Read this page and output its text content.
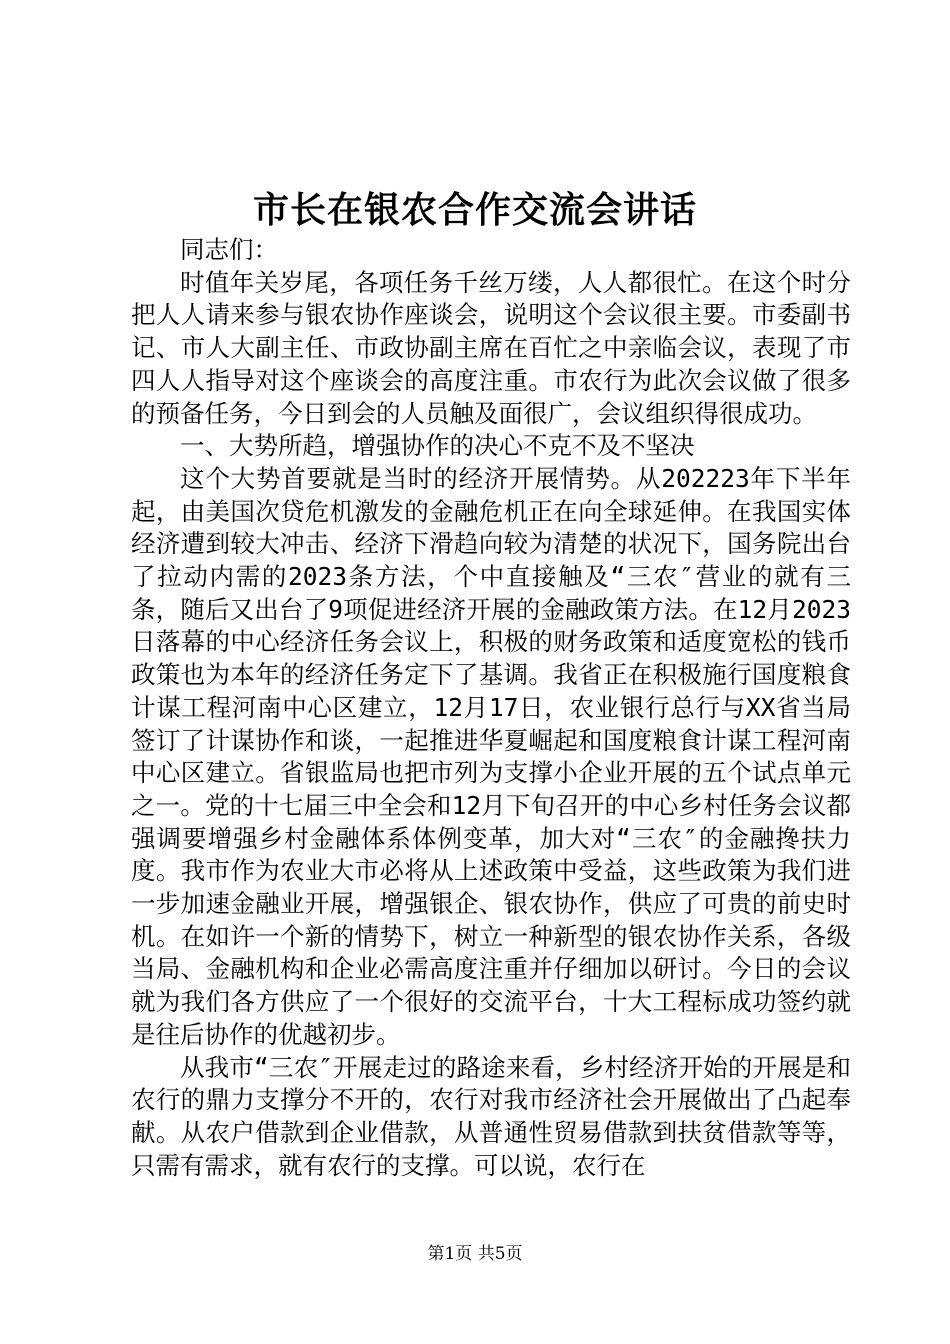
市长在银农合作交流会讲话

同志们：

时值年关岁尾，各项任务千丝万缕，人人都很忙。在这个时分把人人请来参与银农协作座谈会，说明这个会议很主要。市委副书记、市人大副主任、市政协副主席在百忙之中亲临会议，表现了市四人人指导对这个座谈会的高度注重。市农行为此次会议做了很多的预备任务，今日到会的人员触及面很广，会议组织得很成功。

一、大势所趋，增强协作的决心不克不及不坚决

这个大势首要就是当时的经济开展情势。从202223年下半年起，由美国次贷危机激发的金融危机正在向全球延伸。在我国实体经济遭到较大冲击、经济下滑趋向较为清楚的状况下，国务院出台了拉动内需的2023条方法，个中直接触及“三农″营业的就有三条，随后又出台了9项促进经济开展的金融政策方法。在12月2023日落幕的中心经济任务会议上，积极的财务政策和适度宽松的钱币政策也为本年的经济任务定下了基调。我省正在积极施行国度粮食计谋工程河南中心区建立，12月17日，农业银行总行与XX省当局签订了计谋协作和谈，一起推进华夏崛起和国度粮食计谋工程河南中心区建立。省银监局也把市列为支撑小企业开展的五个试点单元之一。党的十七届三中全会和12月下旬召开的中心乡村任务会议都强调要增强乡村金融体系体例变革，加大对“三农″的金融搀扶力度。我市作为农业大市必将从上述政策中受益，这些政策为我们进一步加速金融业开展，增强银企、银农协作，供应了可贵的前史时机。在如许一个新的情势下，树立一种新型的银农协作关系，各级当局、金融机构和企业必需高度注重并仔细加以研讨。今日的会议就为我们各方供应了一个很好的交流平台，十大工程标成功签约就是往后协作的优越初步。

从我市“三农″开展走过的路途来看，乡村经济开始的开展是和农行的鼎力支撑分不开的，农行对我市经济社会开展做出了凸起奉献。从农户借款到企业借款，从普通性贸易借款到扶贫借款等等，只需有需求，就有农行的支撑。可以说，农行在

第1页 共5页
